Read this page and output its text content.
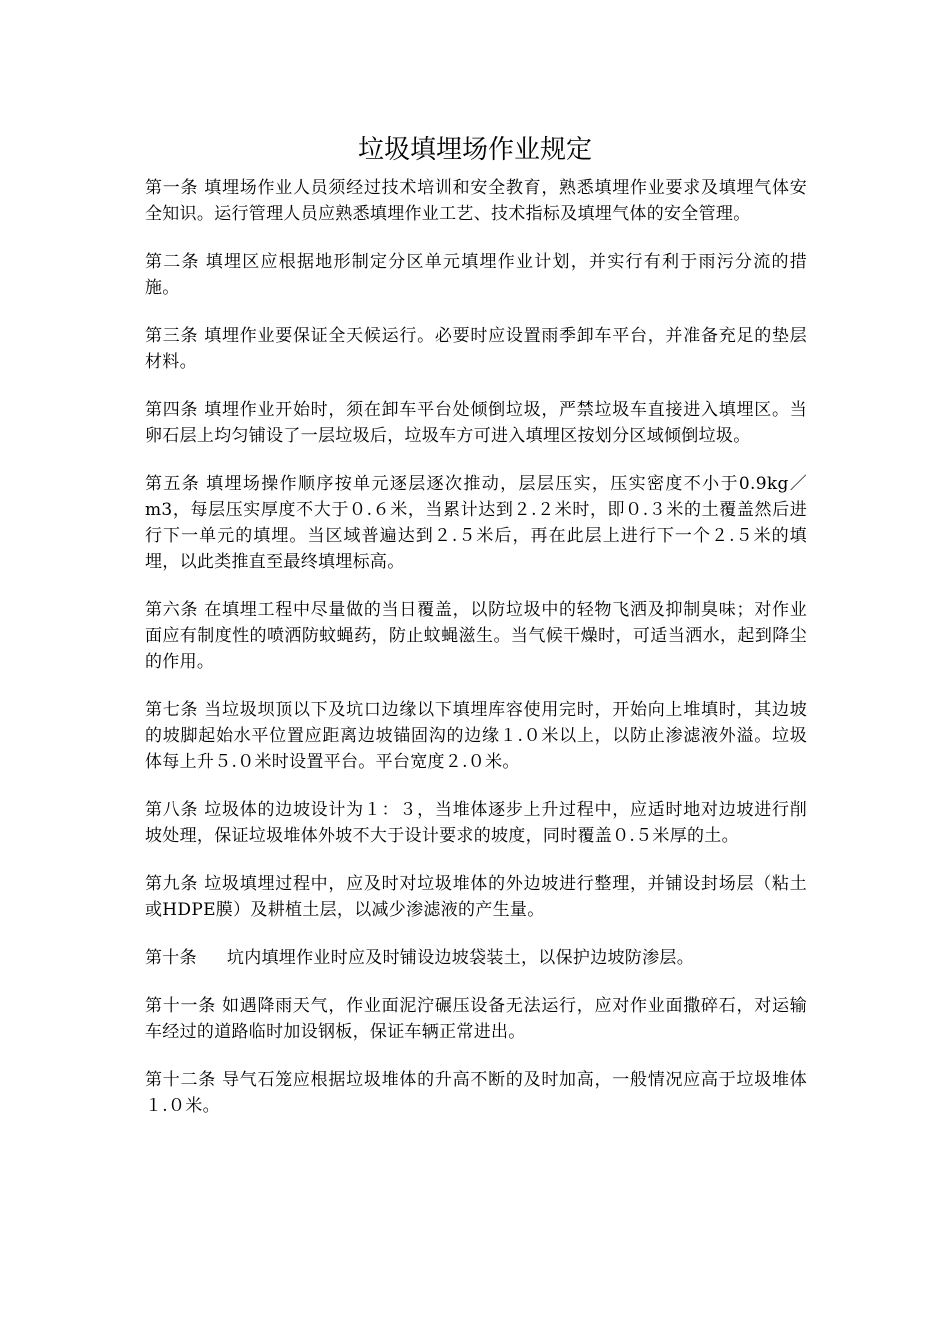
垃圾填埋场作业规定

第一条 填埋场作业人员须经过技术培训和安全教育，熟悉填埋作业要求及填埋气体安全知识。运行管理人员应熟悉填埋作业工艺、技术指标及填埋气体的安全管理。

第二条 填埋区应根据地形制定分区单元填埋作业计划，并实行有利于雨污分流的措施。

第三条 填埋作业要保证全天候运行。必要时应设置雨季卸车平台，并准备充足的垫层材料。

第四条 填埋作业开始时，须在卸车平台处倾倒垃圾，严禁垃圾车直接进入填埋区。当卵石层上均匀铺设了一层垃圾后，垃圾车方可进入填埋区按划分区域倾倒垃圾。

第五条 填埋场操作顺序按单元逐层逐次推动，层层压实，压实密度不小于0.9kg／m3，每层压实厚度不大于０.６米，当累计达到２.２米时，即０.３米的土覆盖然后进行下一单元的填埋。当区域普遍达到２.５米后，再在此层上进行下一个２.５米的填埋，以此类推直至最终填埋标高。

第六条 在填埋工程中尽量做的当日覆盖，以防垃圾中的轻物飞洒及抑制臭味；对作业面应有制度性的喷洒防蚊蝇药，防止蚊蝇滋生。当气候干燥时，可适当洒水，起到降尘的作用。

第七条 当垃圾坝顶以下及坑口边缘以下填埋库容使用完时，开始向上堆填时，其边坡的坡脚起始水平位置应距离边坡锚固沟的边缘１.０米以上，以防止渗滤液外溢。垃圾体每上升５.０米时设置平台。平台宽度２.０米。

第八条 垃圾体的边坡设计为１：３，当堆体逐步上升过程中，应适时地对边坡进行削坡处理，保证垃圾堆体外坡不大于设计要求的坡度，同时覆盖０.５米厚的土。

第九条 垃圾填埋过程中，应及时对垃圾堆体的外边坡进行整理，并铺设封场层（粘土或HDPE膜）及耕植土层，以减少渗滤液的产生量。

第十条 坑内填埋作业时应及时铺设边坡袋装土，以保护边坡防渗层。

第十一条 如遇降雨天气，作业面泥泞碾压设备无法运行，应对作业面撒碎石，对运输车经过的道路临时加设钢板，保证车辆正常进出。

第十二条 导气石笼应根据垃圾堆体的升高不断的及时加高，一般情况应高于垃圾堆体１.０米。
